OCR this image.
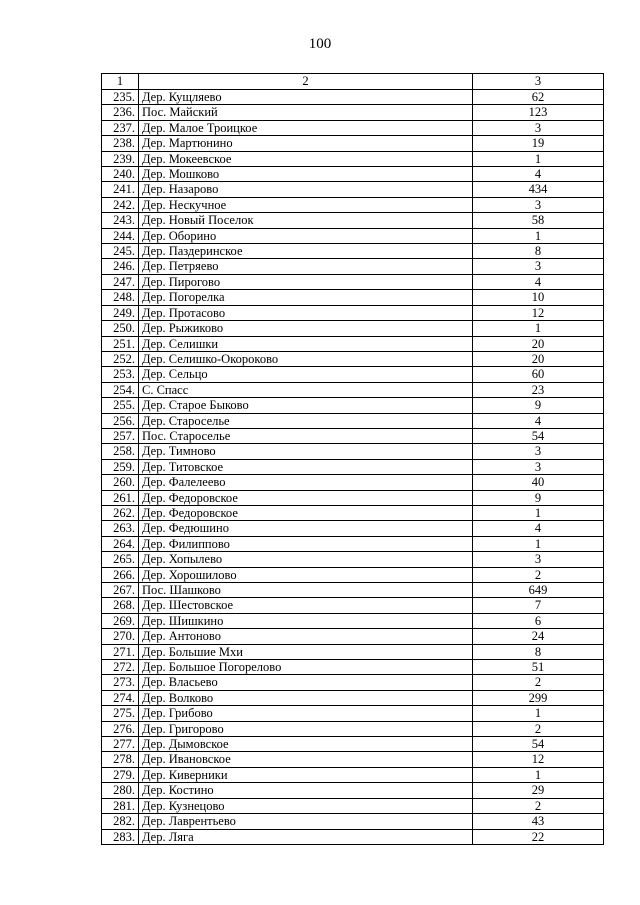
100
1	2	3
235.	Дер. Кущляево	62
236.	Пос. Майский	123
237.	Дер. Малое Троицкое	3
238.	Дер. Мартюнино	19
239.	Дер. Мокеевское	1
240.	Дер. Мошково	4
241.	Дер. Назарово	434
242.	Дер. Нескучное	3
243.	Дер. Новый Поселок	58
244.	Дер. Оборино	1
245.	Дер. Паздеринское	8
246.	Дер. Петряево	3
247.	Дер. Пирогово	4
248.	Дер. Погорелка	10
249.	Дер. Протасово	12
250.	Дер. Рыжиково	1
251.	Дер. Селишки	20
252.	Дер. Селишко-Окороково	20
253.	Дер. Сельцо	60
254.	С. Спасс	23
255.	Дер. Старое Быково	9
256.	Дер. Староселье	4
257.	Пос. Староселье	54
258.	Дер. Тимново	3
259.	Дер. Титовское	3
260.	Дер. Фалелеево	40
261.	Дер. Федоровское	9
262.	Дер. Федоровское	1
263.	Дер. Федюшино	4
264.	Дер. Филиппово	1
265.	Дер. Хопылево	3
266.	Дер. Хорошилово	2
267.	Пос. Шашково	649
268.	Дер. Шестовское	7
269.	Дер. Шишкино	6
270.	Дер. Антоново	24
271.	Дер. Большие Мхи	8
272.	Дер. Большое Погорелово	51
273.	Дер. Власьево	2
274.	Дер. Волково	299
275.	Дер. Грибово	1
276.	Дер. Григорово	2
277.	Дер. Дымовское	54
278.	Дер. Ивановское	12
279.	Дер. Киверники	1
280.	Дер. Костино	29
281.	Дер. Кузнецово	2
282.	Дер. Лаврентьево	43
283.	Дер. Ляга	22
